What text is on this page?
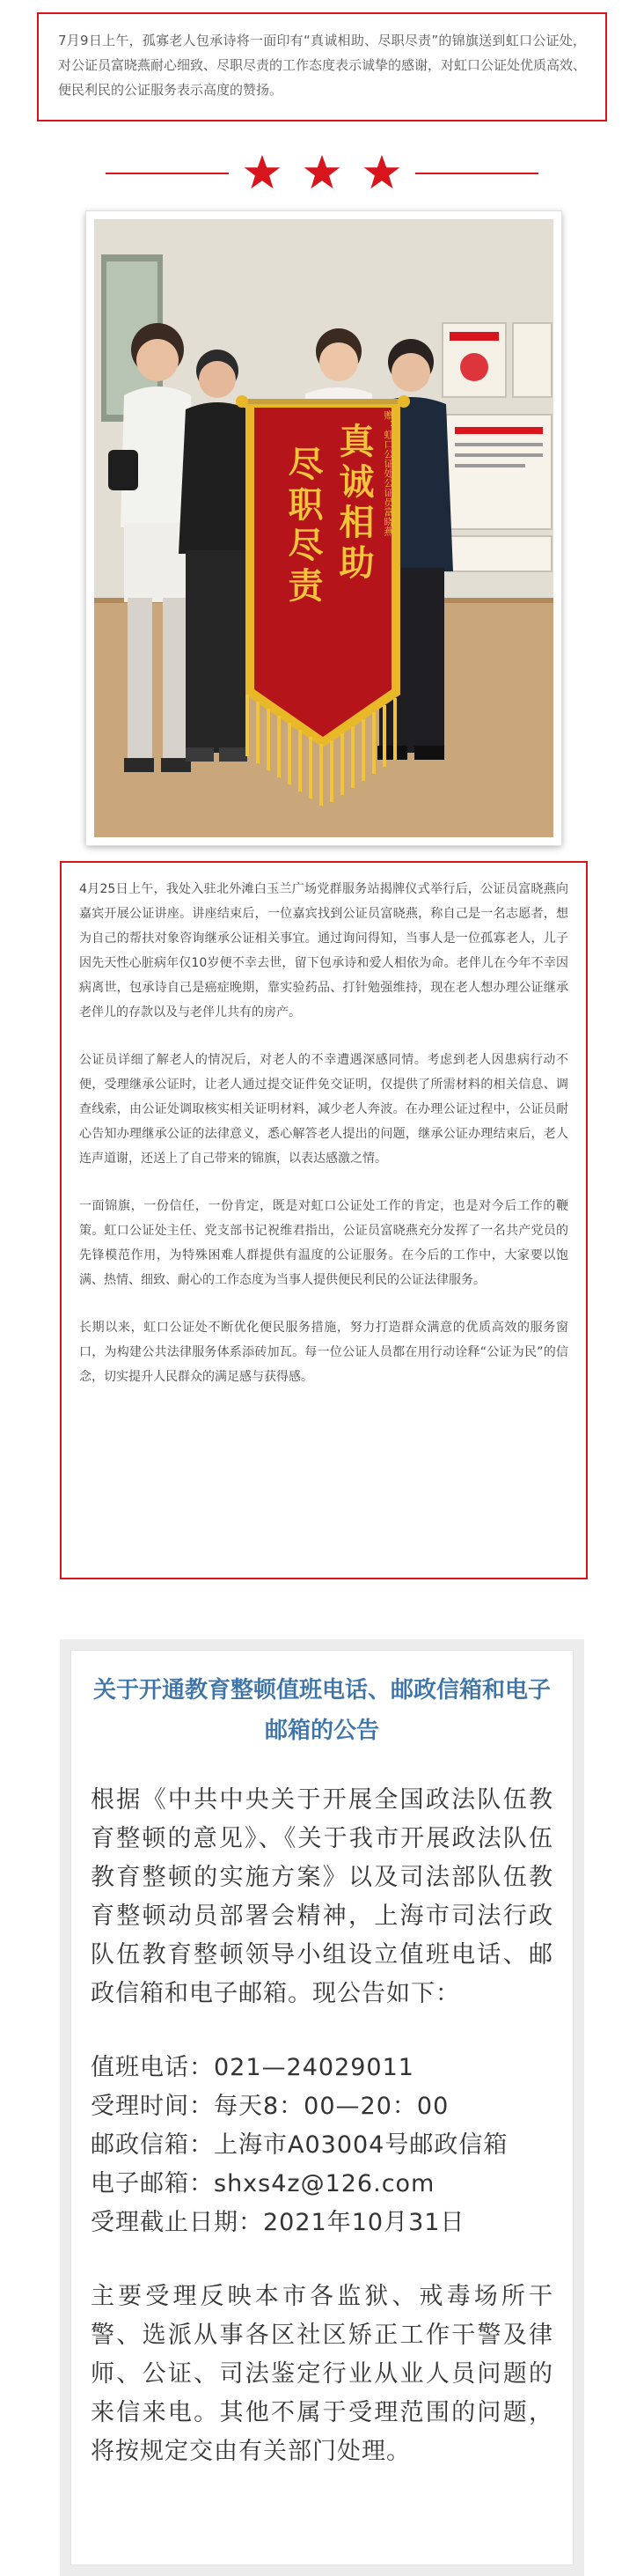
7月9日上午，孤寡老人包承诗将一面印有“真诚相助、尽职尽责”的锦旗送到虹口公证处，对公证员富晓燕耐心细致、尽职尽责的工作态度表示诚挚的感谢，对虹口公证处优质高效、便民利民的公证服务表示高度的赞扬。
真诚相助
尽职尽责	赠：虹口公证处公证员富晓燕

4月25日上午，我处入驻北外滩白玉兰广场党群服务站揭牌仪式举行后，公证员富晓燕向嘉宾开展公证讲座。讲座结束后，一位嘉宾找到公证员富晓燕，称自己是一名志愿者，想为自己的帮扶对象咨询继承公证相关事宜。通过询问得知，当事人是一位孤寡老人，儿子因先天性心脏病年仅10岁便不幸去世，留下包承诗和爱人相依为命。老伴儿在今年不幸因病离世，包承诗自己是癌症晚期，靠实验药品、打针勉强维持，现在老人想办理公证继承老伴儿的存款以及与老伴儿共有的房产。

公证员详细了解老人的情况后，对老人的不幸遭遇深感同情。考虑到老人因患病行动不便，受理继承公证时，让老人通过提交证件免交证明，仅提供了所需材料的相关信息、调查线索，由公证处调取核实相关证明材料，减少老人奔波。在办理公证过程中，公证员耐心告知办理继承公证的法律意义，悉心解答老人提出的问题，继承公证办理结束后，老人连声道谢，还送上了自己带来的锦旗，以表达感激之情。

一面锦旗，一份信任，一份肯定，既是对虹口公证处工作的肯定，也是对今后工作的鞭策。虹口公证处主任、党支部书记祝维君指出，公证员富晓燕充分发挥了一名共产党员的先锋模范作用，为特殊困难人群提供有温度的公证服务。在今后的工作中，大家要以饱满、热情、细致、耐心的工作态度为当事人提供便民利民的公证法律服务。

长期以来，虹口公证处不断优化便民服务措施，努力打造群众满意的优质高效的服务窗口，为构建公共法律服务体系添砖加瓦。每一位公证人员都在用行动诠释“公证为民”的信念，切实提升人民群众的满足感与获得感。

关于开通教育整顿值班电话、邮政信箱和电子邮箱的公告

根据《中共中央关于开展全国政法队伍教育整顿的意见》、《关于我市开展政法队伍教育整顿的实施方案》以及司法部队伍教育整顿动员部署会精神，上海市司法行政队伍教育整顿领导小组设立值班电话、邮政信箱和电子邮箱。现公告如下：

值班电话：021—24029011
受理时间：每天8：00—20：00
邮政信箱：上海市A03004号邮政信箱
电子邮箱：shxs4z@126.com
受理截止日期：2021年10月31日

主要受理反映本市各监狱、戒毒场所干警、选派从事各区社区矫正工作干警及律师、公证、司法鉴定行业从业人员问题的来信来电。其他不属于受理范围的问题，将按规定交由有关部门处理。
